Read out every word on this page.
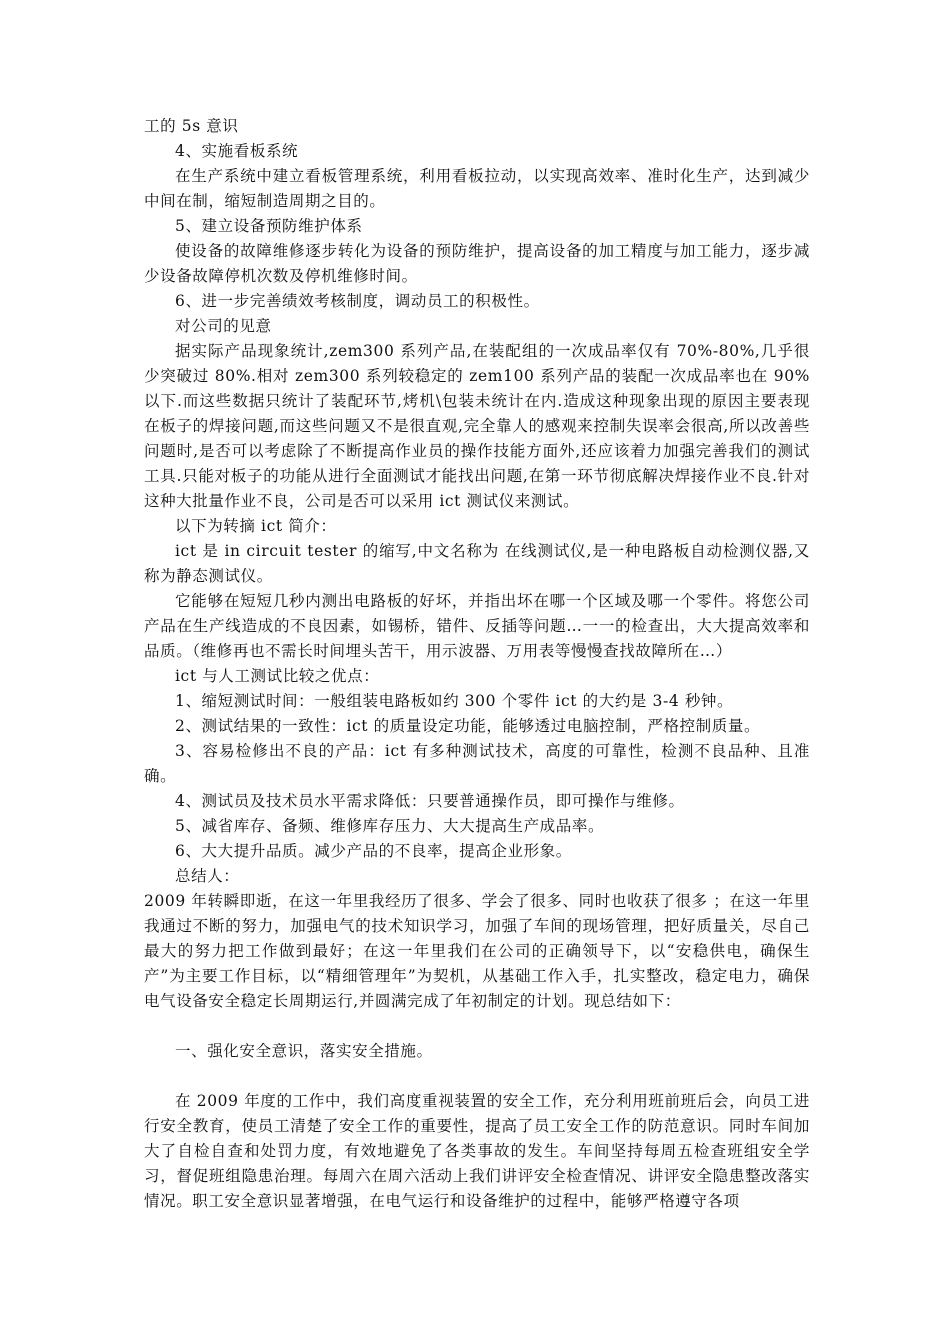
工的 5s 意识

4、实施看板系统

在生产系统中建立看板管理系统，利用看板拉动，以实现高效率、准时化生产，达到减少中间在制，缩短制造周期之目的。

5、建立设备预防维护体系

使设备的故障维修逐步转化为设备的预防维护，提高设备的加工精度与加工能力，逐步减少设备故障停机次数及停机维修时间。

6、进一步完善绩效考核制度，调动员工的积极性。

对公司的见意

据实际产品现象统计,zem300 系列产品,在装配组的一次成品率仅有 70%-80%,几乎很少突破过 80%.相对 zem300 系列较稳定的 zem100 系列产品的装配一次成品率也在 90%以下.而这些数据只统计了装配环节,烤机\包装未统计在内.造成这种现象出现的原因主要表现在板子的焊接问题,而这些问题又不是很直观,完全靠人的感观来控制失误率会很高,所以改善些问题时,是否可以考虑除了不断提高作业员的操作技能方面外,还应该着力加强完善我们的测试工具.只能对板子的功能从进行全面测试才能找出问题,在第一环节彻底解决焊接作业不良.针对这种大批量作业不良，公司是否可以采用 ict 测试仪来测试。

以下为转摘 ict 简介：

ict 是 in circuit tester 的缩写,中文名称为 在线测试仪,是一种电路板自动检测仪器,又称为静态测试仪。

它能够在短短几秒内测出电路板的好坏，并指出坏在哪一个区域及哪一个零件。将您公司产品在生产线造成的不良因素，如锡桥，错件、反插等问题…一一的检查出，大大提高效率和品质。（维修再也不需长时间埋头苦干，用示波器、万用表等慢慢查找故障所在…）

ict 与人工测试比较之优点：

1、缩短测试时间：一般组装电路板如约 300 个零件 ict 的大约是 3-4 秒钟。

2、测试结果的一致性：ict 的质量设定功能，能够透过电脑控制，严格控制质量。

3、容易检修出不良的产品：ict 有多种测试技术，高度的可靠性，检测不良品种、且准确。

4、测试员及技术员水平需求降低：只要普通操作员，即可操作与维修。

5、减省库存、备频、维修库存压力、大大提高生产成品率。

6、大大提升品质。减少产品的不良率，提高企业形象。

总结人：

2009 年转瞬即逝，在这一年里我经历了很多、学会了很多、同时也收获了很多 ；在这一年里我通过不断的努力，加强电气的技术知识学习，加强了车间的现场管理，把好质量关，尽自己最大的努力把工作做到最好；在这一年里我们在公司的正确领导下，以“安稳供电，确保生产”为主要工作目标，以“精细管理年”为契机，从基础工作入手，扎实整改，稳定电力，确保电气设备安全稳定长周期运行,并圆满完成了年初制定的计划。现总结如下：

一、强化安全意识，落实安全措施。

在 2009 年度的工作中，我们高度重视装置的安全工作，充分利用班前班后会，向员工进行安全教育，使员工清楚了安全工作的重要性，提高了员工安全工作的防范意识。同时车间加大了自检自查和处罚力度，有效地避免了各类事故的发生。车间坚持每周五检查班组安全学习，督促班组隐患治理。每周六在周六活动上我们讲评安全检查情况、讲评安全隐患整改落实情况。职工安全意识显著增强，在电气运行和设备维护的过程中，能够严格遵守各项
